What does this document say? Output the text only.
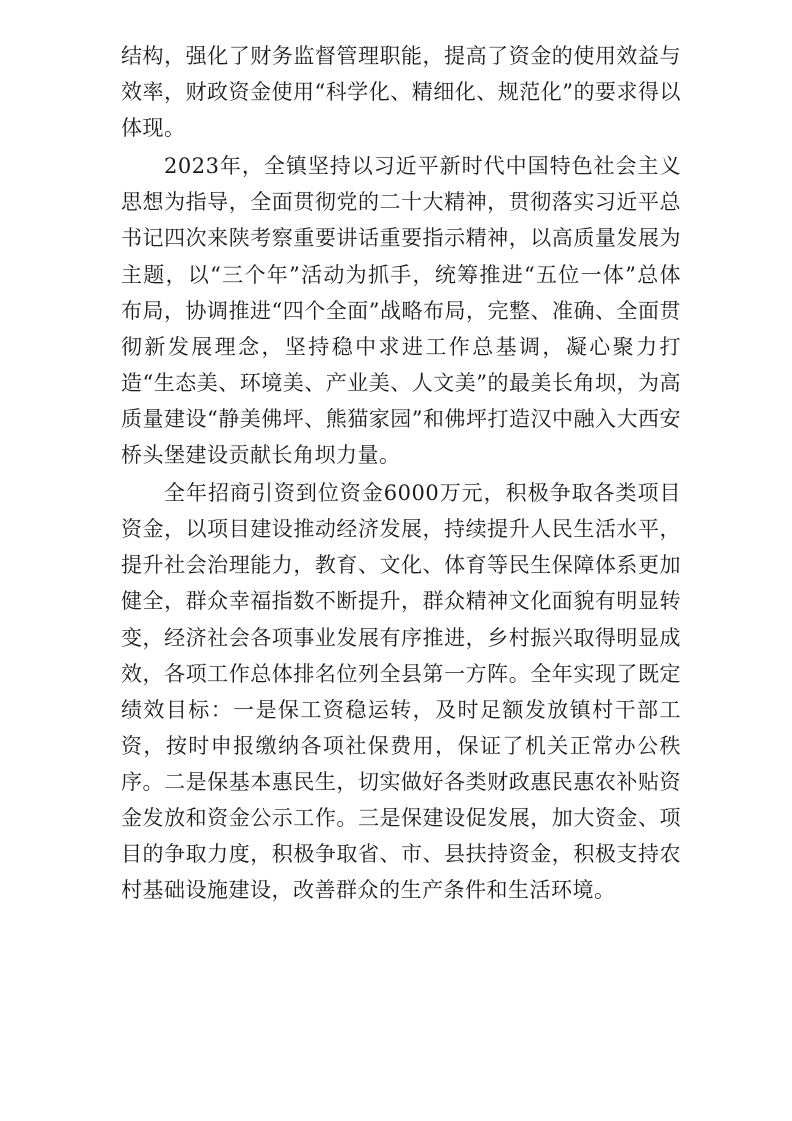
结构，强化了财务监督管理职能，提高了资金的使用效益与效率，财政资金使用“科学化、精细化、规范化”的要求得以体现。

2023年，全镇坚持以习近平新时代中国特色社会主义思想为指导，全面贯彻党的二十大精神，贯彻落实习近平总书记四次来陕考察重要讲话重要指示精神，以高质量发展为主题，以“三个年”活动为抓手，统筹推进“五位一体”总体布局，协调推进“四个全面”战略布局，完整、准确、全面贯彻新发展理念，坚持稳中求进工作总基调，凝心聚力打造“生态美、环境美、产业美、人文美”的最美长角坝，为高质量建设“静美佛坪、熊猫家园”和佛坪打造汉中融入大西安桥头堡建设贡献长角坝力量。

全年招商引资到位资金6000万元，积极争取各类项目资金，以项目建设推动经济发展，持续提升人民生活水平，提升社会治理能力，教育、文化、体育等民生保障体系更加健全，群众幸福指数不断提升，群众精神文化面貌有明显转变，经济社会各项事业发展有序推进，乡村振兴取得明显成效，各项工作总体排名位列全县第一方阵。全年实现了既定绩效目标：一是保工资稳运转，及时足额发放镇村干部工资，按时申报缴纳各项社保费用，保证了机关正常办公秩序。二是保基本惠民生，切实做好各类财政惠民惠农补贴资金发放和资金公示工作。三是保建设促发展，加大资金、项目的争取力度，积极争取省、市、县扶持资金，积极支持农村基础设施建设，改善群众的生产条件和生活环境。
